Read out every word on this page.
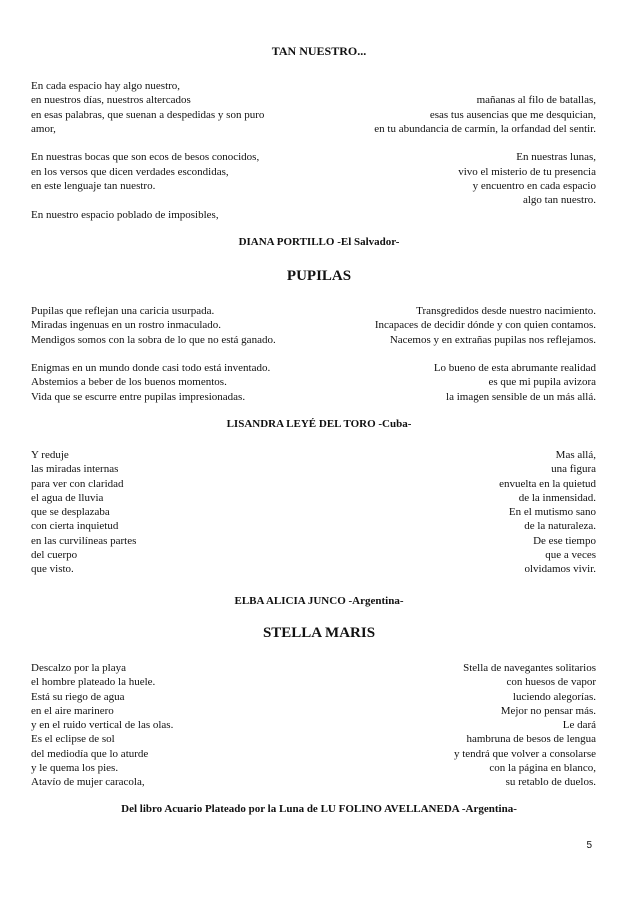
TAN NUESTRO...
En cada espacio hay algo nuestro,
en nuestros días, nuestros altercados	mañanas al filo de batallas,
en esas palabras, que suenan a despedidas y son puro	esas tus ausencias que me desquician,
amor,	en tu abundancia de carmín, la orfandad del sentir.
En nuestras bocas que son ecos de besos conocidos,	En nuestras lunas,
en los versos que dicen verdades escondidas,	vivo el misterio de tu presencia
en este lenguaje tan nuestro.	y encuentro en cada espacio
algo tan nuestro.
En nuestro espacio poblado de imposibles,
DIANA PORTILLO -El Salvador-
PUPILAS
Pupilas que reflejan una caricia usurpada.	Transgredidos desde nuestro nacimiento.
Miradas ingenuas en un rostro inmaculado.	Incapaces de decidir dónde y con quien contamos.
Mendigos somos con la sobra de lo que no está ganado.	Nacemos y en extrañas pupilas nos reflejamos.
Enigmas en un mundo donde casi todo está inventado.	Lo bueno de esta abrumante realidad
Abstemios a beber de los buenos momentos.	es que mi pupila avizora
Vida que se escurre entre pupilas impresionadas.	la imagen sensible de un más allá.
LISANDRA LEYÉ DEL TORO -Cuba-
Y reduje	Mas allá,
las miradas internas	una figura
para ver con claridad	envuelta en la quietud
el agua de lluvia	de la inmensidad.
que se desplazaba	En el mutismo sano
con cierta inquietud	de la naturaleza.
en las curvilíneas partes	De ese tiempo
del cuerpo	que a veces
que visto.	olvidamos vivir.
ELBA ALICIA JUNCO -Argentina-
STELLA MARIS
Descalzo por la playa	Stella de navegantes solitarios
el hombre plateado la huele.	con huesos de vapor
Está su riego de agua	luciendo alegorías.
en el aire marinero	Mejor no pensar más.
y en el ruido vertical de las olas.	Le dará
Es el eclipse de sol	hambruna de besos de lengua
del mediodía que lo aturde	y tendrá que volver a consolarse
y le quema los pies.	con la página en blanco,
Atavío de mujer caracola,	su retablo de duelos.
Del libro Acuario Plateado por la Luna de LU FOLINO AVELLANEDA -Argentina-
5
